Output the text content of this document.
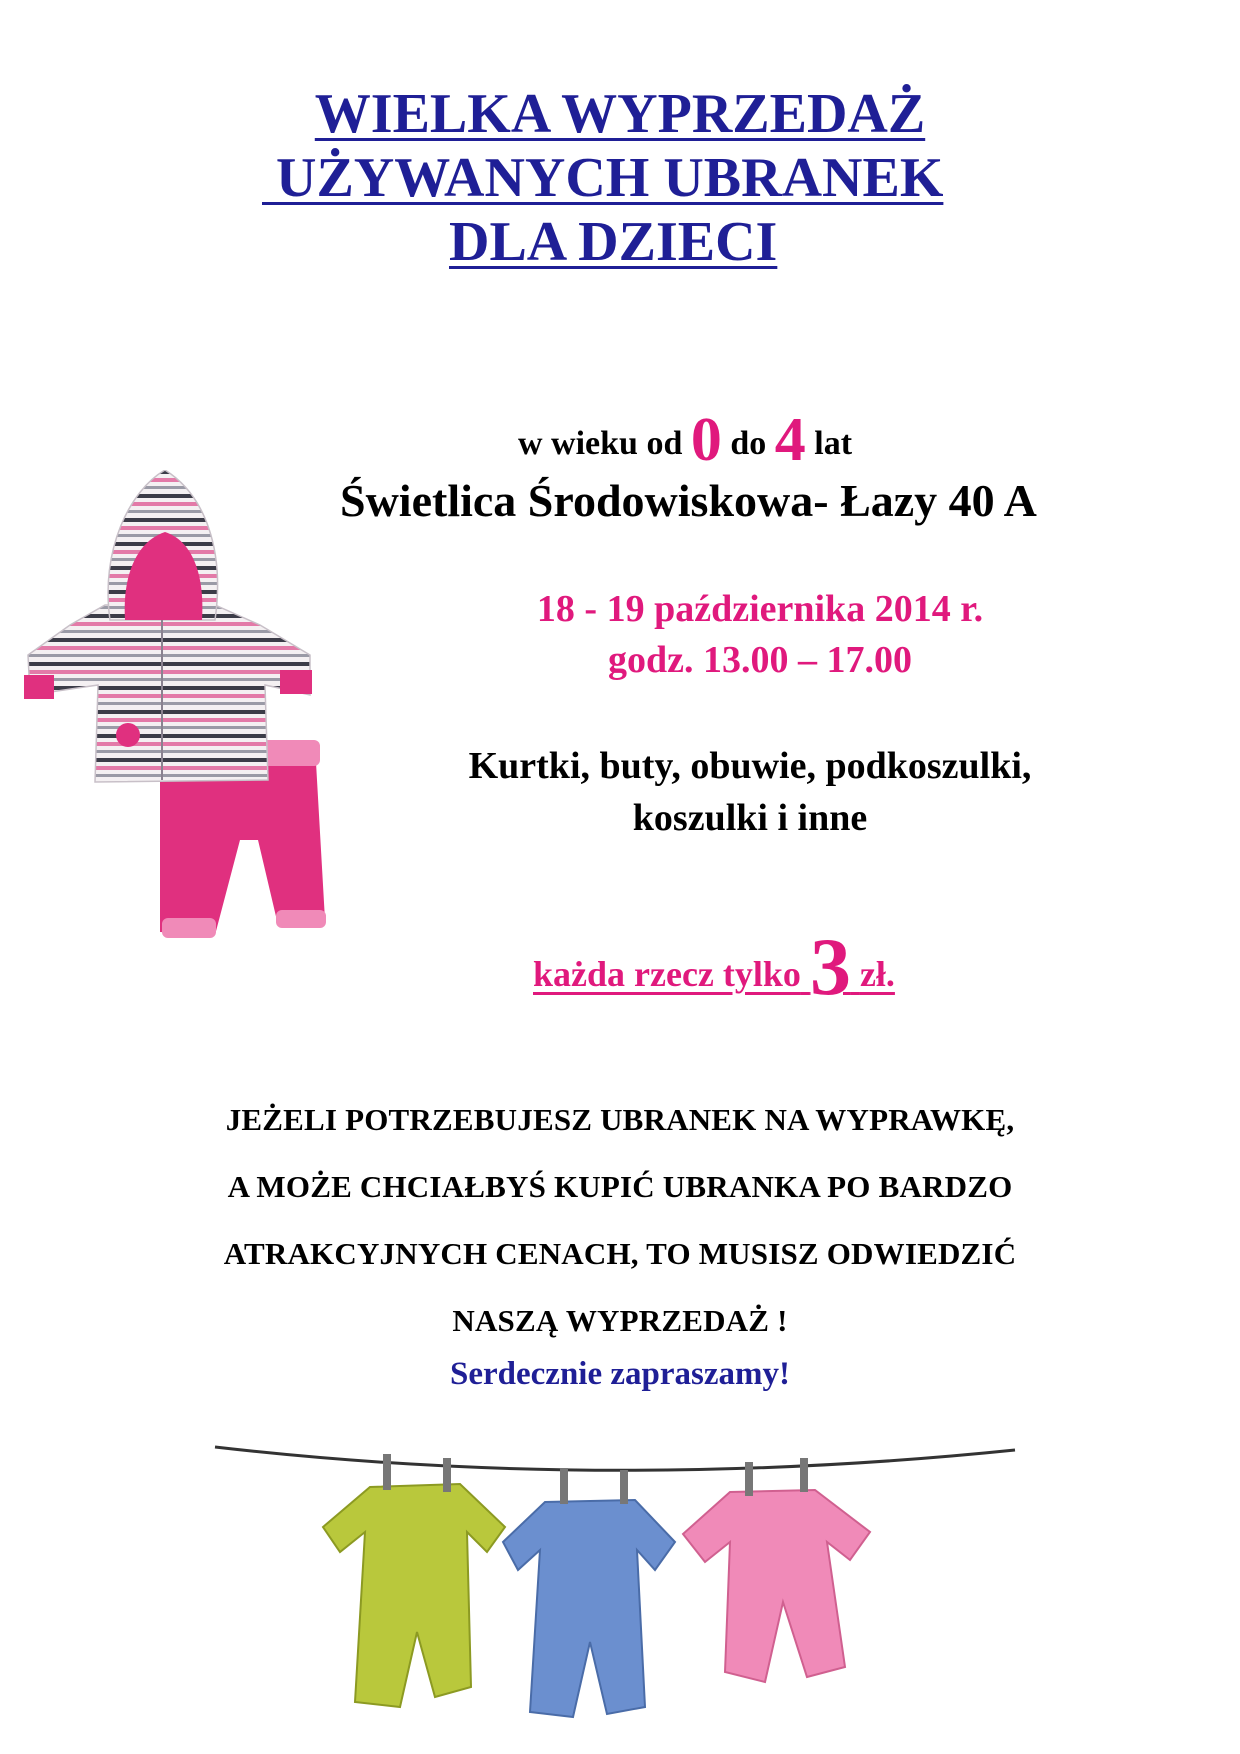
WIELKA WYPRZEDAŻ
UŻYWANYCH UBRANEK
DLA DZIECI
w wieku od 0 do 4 lat
Świetlica Środowiskowa- Łazy 40 A
18 - 19 października 2014 r.
godz. 13.00 – 17.00
Kurtki, buty, obuwie, podkoszulki,
koszulki i inne
każda rzecz tylko 3 zł.
JEŻELI POTRZEBUJESZ UBRANEK NA WYPRAWKĘ,
A MOŻE CHCIAŁBYŚ KUPIĆ UBRANKA PO BARDZO
ATRAKCYJNYCH CENACH, TO MUSISZ ODWIEDZIĆ
NASZĄ WYPRZEDAŻ !
Serdecznie zapraszamy!
